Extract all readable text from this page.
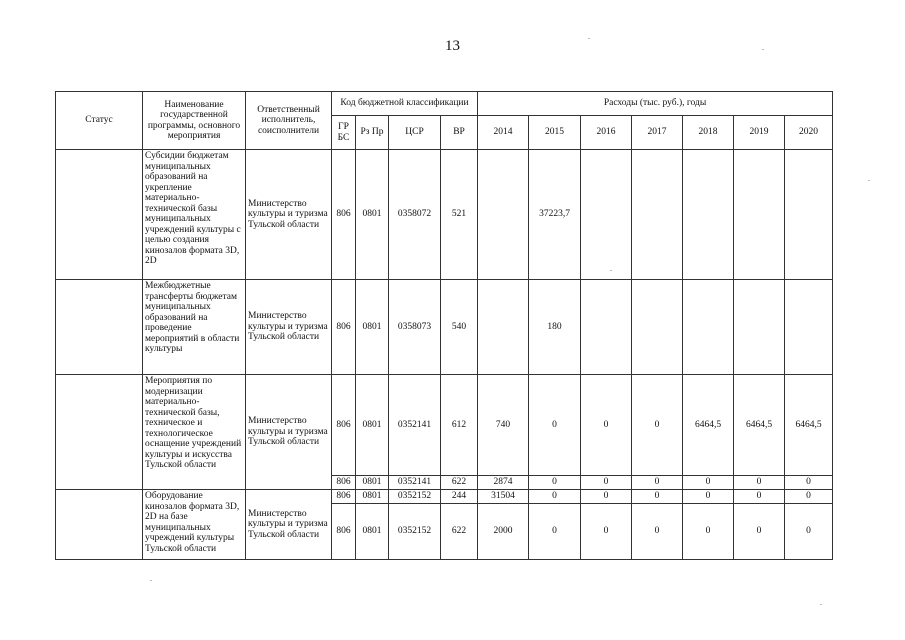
13
Статус	Наименование государственной программы, основного мероприятия	Ответственный исполнитель, соисполнители	Код бюджетной классификации				Расходы (тыс. руб.), годы						
			ГР БС	Рз Пр	ЦСР	ВР	2014	2015	2016	2017	2018	2019	2020
	Субсидии бюджетам муниципальных образований на укрепление материально-технической базы муниципальных учреждений культуры с целью создания кинозалов формата 3D, 2D	Министерство культуры и туризма Тульской области	806	0801	0358072	521		37223,7					
	Межбюджетные трансферты бюджетам муниципальных образований на проведение мероприятий в области культуры	Министерство культуры и туризма Тульской области	806	0801	0358073	540		180					
	Мероприятия по модернизации материально-технической базы, техническое и технологическое оснащение учреждений культуры и искусства Тульской области	Министерство культуры и туризма Тульской области	806	0801	0352141	612	740	0	0	0	6464,5	6464,5	6464,5
			806	0801	0352141	622	2874	0	0	0	0	0	0
	Оборудование кинозалов формата 3D, 2D на базе муниципальных учреждений культуры Тульской области	Министерство культуры и туризма Тульской области	806	0801	0352152	244	31504	0	0	0	0	0	0
			806	0801	0352152	622	2000	0	0	0	0	0	0
